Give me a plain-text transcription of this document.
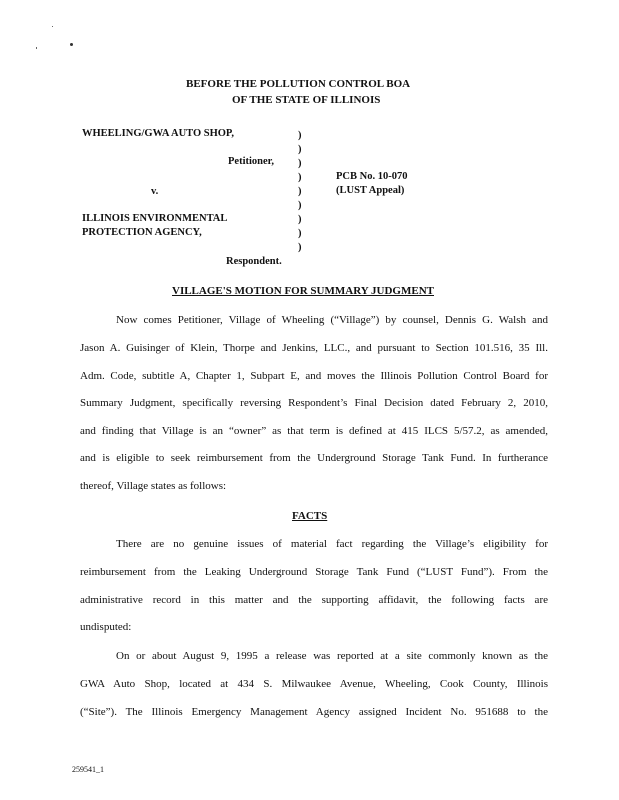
BEFORE THE POLLUTION CONTROL BOA
OF THE STATE OF ILLINOIS
WHEELING/GWA AUTO SHOP,
Petitioner,
v.
ILLINOIS ENVIRONMENTAL
PROTECTION AGENCY,
Respondent.
)
)
)
)
)
)
)
)
)
PCB No. 10-070
(LUST Appeal)
VILLAGE'S MOTION FOR SUMMARY JUDGMENT
Now comes Petitioner, Village of Wheeling (“Village”) by counsel, Dennis G. Walsh and
Jason A. Guisinger of Klein, Thorpe and Jenkins, LLC., and pursuant to Section 101.516, 35 Ill.
Adm. Code, subtitle A, Chapter 1, Subpart E, and moves the Illinois Pollution Control Board for
Summary Judgment, specifically reversing Respondent’s Final Decision dated February 2, 2010,
and finding that Village is an “owner” as that term is defined at 415 ILCS 5/57.2, as amended,
and is eligible to seek reimbursement from the Underground Storage Tank Fund. In furtherance
thereof, Village states as follows:
FACTS
There are no genuine issues of material fact regarding the Village’s eligibility for
reimbursement from the Leaking Underground Storage Tank Fund (“LUST Fund”). From the
administrative record in this matter and the supporting affidavit, the following facts are
undisputed:
On or about August 9, 1995 a release was reported at a site commonly known as the
GWA Auto Shop, located at 434 S. Milwaukee Avenue, Wheeling, Cook County, Illinois
(“Site”). The Illinois Emergency Management Agency assigned Incident No. 951688 to the
259541_1
